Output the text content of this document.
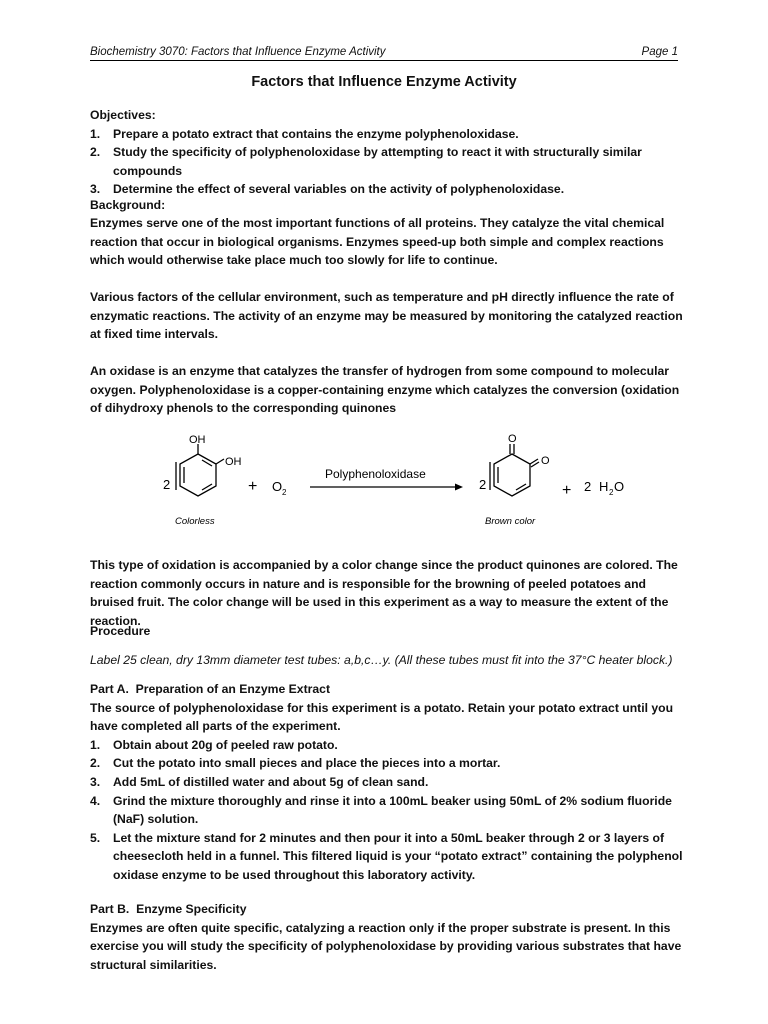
Biochemistry 3070: Factors that Influence Enzyme Activity	Page 1
Factors that Influence Enzyme Activity
Objectives:
1. Prepare a potato extract that contains the enzyme polyphenoloxidase.
2. Study the specificity of polyphenoloxidase by attempting to react it with structurally similar compounds
3. Determine the effect of several variables on the activity of polyphenoloxidase.
Background:
Enzymes serve one of the most important functions of all proteins. They catalyze the vital chemical reaction that occur in biological organisms. Enzymes speed-up both simple and complex reactions which would otherwise take place much too slowly for life to continue.
Various factors of the cellular environment, such as temperature and pH directly influence the rate of enzymatic reactions. The activity of an enzyme may be measured by monitoring the catalyzed reaction at fixed time intervals.
An oxidase is an enzyme that catalyzes the transfer of hydrogen from some compound to molecular oxygen. Polyphenoloxidase is a copper-containing enzyme which catalyzes the conversion (oxidation of dihydroxy phenols to the corresponding quinones
OH
OH
2	+ O 2
Polyphenoloxidase
O
O
2	+ 2 H 2 O
Colorless	Brown color
This type of oxidation is accompanied by a color change since the product quinones are colored. The reaction commonly occurs in nature and is responsible for the browning of peeled potatoes and bruised fruit. The color change will be used in this experiment as a way to measure the extent of the reaction.
Procedure
Label 25 clean, dry 13mm diameter test tubes: a,b,c…y. (All these tubes must fit into the 37°C heater block.)
Part A. Preparation of an Enzyme Extract
The source of polyphenoloxidase for this experiment is a potato. Retain your potato extract until you have completed all parts of the experiment.
1. Obtain about 20g of peeled raw potato.
2. Cut the potato into small pieces and place the pieces into a mortar.
3. Add 5mL of distilled water and about 5g of clean sand.
4. Grind the mixture thoroughly and rinse it into a 100mL beaker using 50mL of 2% sodium fluoride (NaF) solution.
5. Let the mixture stand for 2 minutes and then pour it into a 50mL beaker through 2 or 3 layers of cheesecloth held in a funnel. This filtered liquid is your “potato extract” containing the polyphenol oxidase enzyme to be used throughout this laboratory activity.
Part B. Enzyme Specificity
Enzymes are often quite specific, catalyzing a reaction only if the proper substrate is present. In this exercise you will study the specificity of polyphenoloxidase by providing various substrates that have structural similarities.
